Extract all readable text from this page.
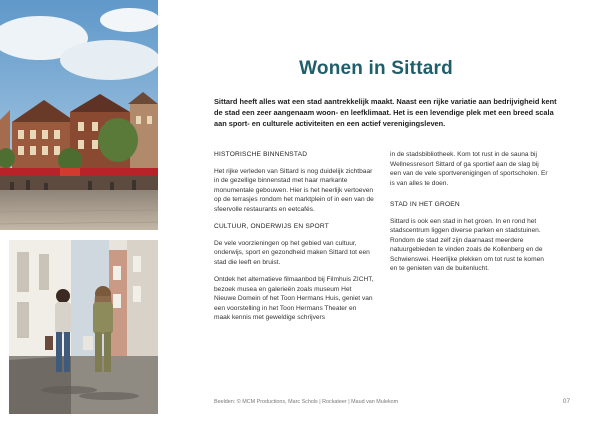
Wonen in Sittard
Sittard heeft alles wat een stad aantrekkelijk maakt. Naast een rijke variatie aan bedrijvigheid kent de stad een zeer aangenaam woon- en leefklimaat. Het is een levendige plek met een breed scala aan sport- en culturele activiteiten en een actief verenigingsleven.
HISTORISCHE BINNENSTAD

Het rijke verleden van Sittard is nog duidelijk zichtbaar in de gezellige binnenstad met haar markante monumentale gebouwen. Hier is het heerlijk vertoeven op de terrasjes rondom het marktplein of in een van de sfeervolle restaurants en eetcafés.

CULTUUR, ONDERWIJS EN SPORT

De vele voorzieningen op het gebied van cultuur, onderwijs, sport en gezondheid maken Sittard tot een stad die leeft en bruist.

Ontdek het alternatieve filmaanbod bij Filmhuis ZICHT, bezoek musea en galerieën zoals museum Het Nieuwe Domein of het Toon Hermans Huis, geniet van een voorstelling in het Toon Hermans Theater en maak kennis met geweldige schrijvers

in de stadsbibliotheek. Kom tot rust in de sauna bij Wellnessresort Sittard of ga sportief aan de slag bij een van de vele sportverenigingen of sportscholen. Er is van alles te doen.

STAD IN HET GROEN

Sittard is ook een stad in het groen. In en rond het stadscentrum liggen diverse parken en stadstuinen. Rondom de stad zelf zijn daarnaast meerdere natuurgebieden te vinden zoals de Kollenberg en de Schwienswei. Heerlijke plekken om tot rust te komen en te genieten van de buitenlucht.

Beelden: © MCM Productions, Marc Schols | Rockateer | Maud van Mulekom	07
